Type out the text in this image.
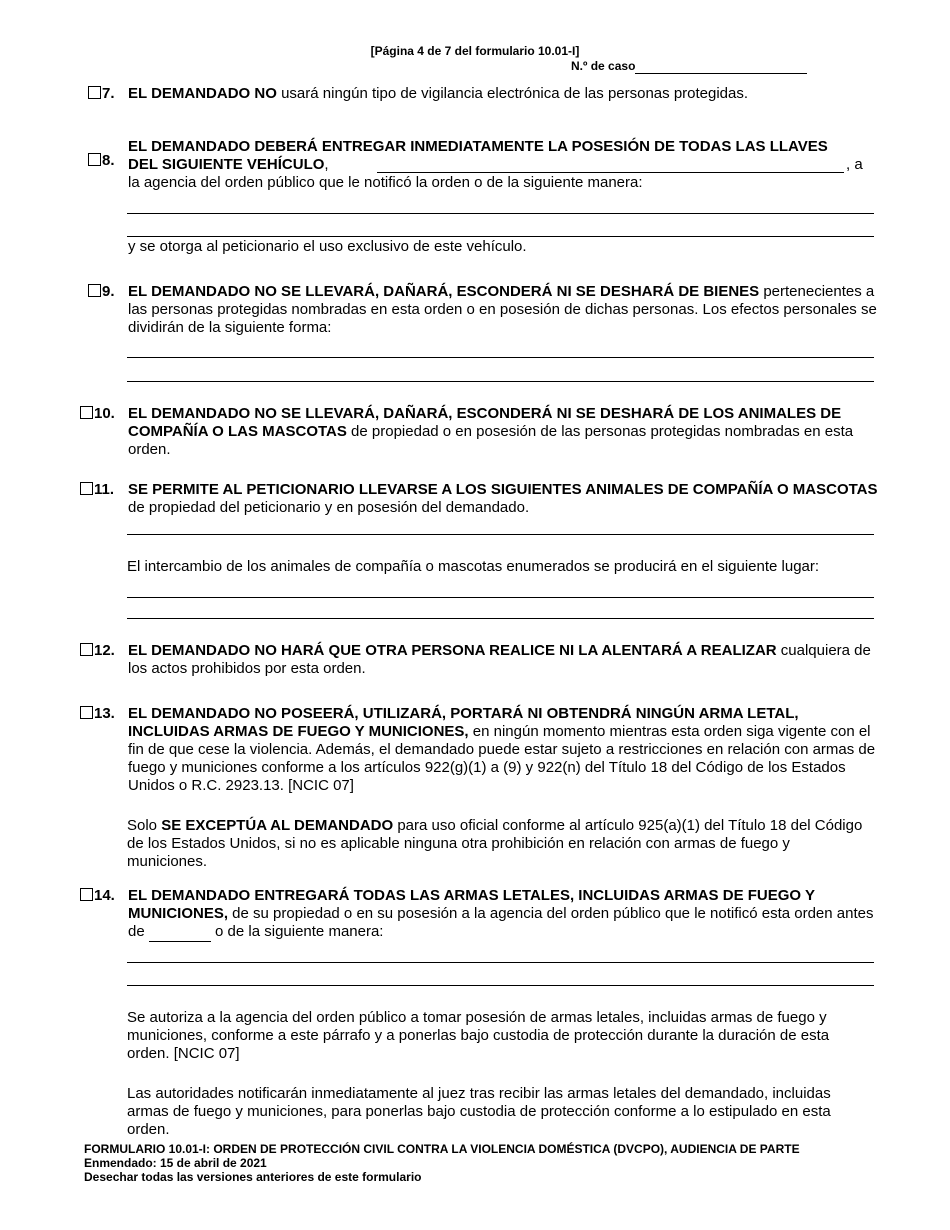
[Página 4 de 7 del formulario 10.01-I]
N.º de caso
7. EL DEMANDADO NO usará ningún tipo de vigilancia electrónica de las personas protegidas.
8.
EL DEMANDADO DEBERÁ ENTREGAR INMEDIATAMENTE LA POSESIÓN DE TODAS LAS LLAVES
DEL SIGUIENTE VEHÍCULO,	, a
la agencia del orden público que le notificó la orden o de la siguiente manera:
y se otorga al peticionario el uso exclusivo de este vehículo.
9. EL DEMANDADO NO SE LLEVARÁ, DAÑARÁ, ESCONDERÁ NI SE DESHARÁ DE BIENES pertenecientes a las personas protegidas nombradas en esta orden o en posesión de dichas personas. Los efectos personales se dividirán de la siguiente forma:
10. EL DEMANDADO NO SE LLEVARÁ, DAÑARÁ, ESCONDERÁ NI SE DESHARÁ DE LOS ANIMALES DE COMPAÑÍA O LAS MASCOTAS de propiedad o en posesión de las personas protegidas nombradas en esta orden.
11. SE PERMITE AL PETICIONARIO LLEVARSE A LOS SIGUIENTES ANIMALES DE COMPAÑÍA O MASCOTAS de propiedad del peticionario y en posesión del demandado.
El intercambio de los animales de compañía o mascotas enumerados se producirá en el siguiente lugar:
12. EL DEMANDADO NO HARÁ QUE OTRA PERSONA REALICE NI LA ALENTARÁ A REALIZAR cualquiera de los actos prohibidos por esta orden.
13. EL DEMANDADO NO POSEERÁ, UTILIZARÁ, PORTARÁ NI OBTENDRÁ NINGÚN ARMA LETAL, INCLUIDAS ARMAS DE FUEGO Y MUNICIONES, en ningún momento mientras esta orden siga vigente con el fin de que cese la violencia. Además, el demandado puede estar sujeto a restricciones en relación con armas de fuego y municiones conforme a los artículos 922(g)(1) a (9) y 922(n) del Título 18 del Código de los Estados Unidos o R.C. 2923.13. [NCIC 07]
Solo SE EXCEPTÚA AL DEMANDADO para uso oficial conforme al artículo 925(a)(1) del Título 18 del Código de los Estados Unidos, si no es aplicable ninguna otra prohibición en relación con armas de fuego y municiones.
14. EL DEMANDADO ENTREGARÁ TODAS LAS ARMAS LETALES, INCLUIDAS ARMAS DE FUEGO Y MUNICIONES, de su propiedad o en su posesión a la agencia del orden público que le notificó esta orden antes de	o de la siguiente manera:
Se autoriza a la agencia del orden público a tomar posesión de armas letales, incluidas armas de fuego y municiones, conforme a este párrafo y a ponerlas bajo custodia de protección durante la duración de esta orden. [NCIC 07]
Las autoridades notificarán inmediatamente al juez tras recibir las armas letales del demandado, incluidas armas de fuego y municiones, para ponerlas bajo custodia de protección conforme a lo estipulado en esta orden.
FORMULARIO 10.01-I: ORDEN DE PROTECCIÓN CIVIL CONTRA LA VIOLENCIA DOMÉSTICA (DVCPO), AUDIENCIA DE PARTE
Enmendado: 15 de abril de 2021
Desechar todas las versiones anteriores de este formulario
